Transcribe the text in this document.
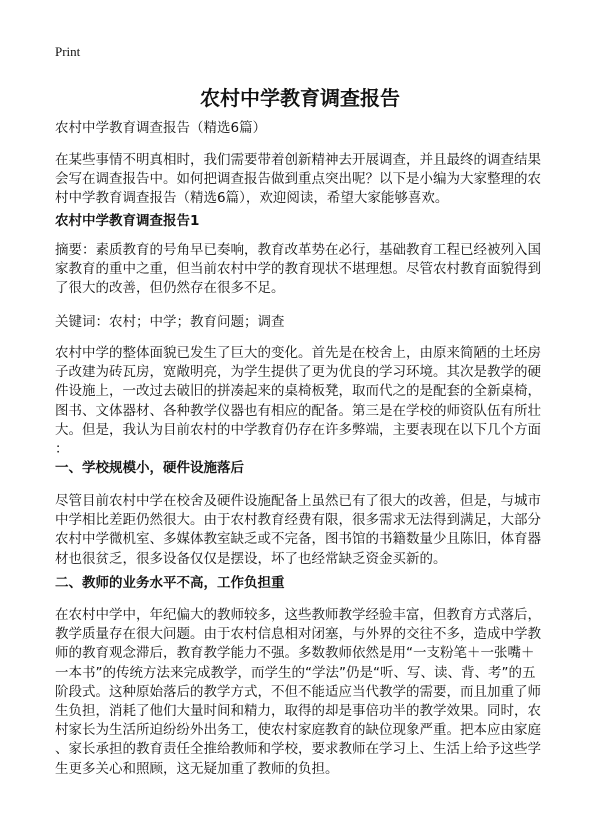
Print
农村中学教育调查报告
农村中学教育调查报告（精选6篇）
在某些事情不明真相时，我们需要带着创新精神去开展调查，并且最终的调查结果
会写在调查报告中。如何把调查报告做到重点突出呢？以下是小编为大家整理的农
村中学教育调查报告（精选6篇），欢迎阅读，希望大家能够喜欢。
农村中学教育调查报告1
摘要：素质教育的号角早已奏响，教育改革势在必行，基础教育工程已经被列入国
家教育的重中之重，但当前农村中学的教育现状不堪理想。尽管农村教育面貌得到
了很大的改善，但仍然存在很多不足。
关键词：农村；中学；教育问题；调查
农村中学的整体面貌已发生了巨大的变化。首先是在校舍上，由原来简陋的土坯房
子改建为砖瓦房，宽敞明亮，为学生提供了更为优良的学习环境。其次是教学的硬
件设施上，一改过去破旧的拼凑起来的桌椅板凳，取而代之的是配套的全新桌椅，
图书、文体器材、各种教学仪器也有相应的配备。第三是在学校的师资队伍有所壮
大。但是，我认为目前农村的中学教育仍存在许多弊端，主要表现在以下几个方面
：
一、学校规模小，硬件设施落后
尽管目前农村中学在校舍及硬件设施配备上虽然已有了很大的改善，但是，与城市
中学相比差距仍然很大。由于农村教育经费有限，很多需求无法得到满足，大部分
农村中学微机室、多媒体教室缺乏或不完备，图书馆的书籍数量少且陈旧，体育器
材也很贫乏，很多设备仅仅是摆设，坏了也经常缺乏资金买新的。
二、教师的业务水平不高，工作负担重
在农村中学中，年纪偏大的教师较多，这些教师教学经验丰富，但教育方式落后，
教学质量存在很大问题。由于农村信息相对闭塞，与外界的交往不多，造成中学教
师的教育观念滞后，教育教学能力不强。多数教师依然是用“一支粉笔＋一张嘴＋
一本书”的传统方法来完成教学，而学生的“学法”仍是“听、写、读、背、考”的五
阶段式。这种原始落后的教学方式，不但不能适应当代教学的需要，而且加重了师
生负担，消耗了他们大量时间和精力，取得的却是事倍功半的教学效果。同时，农
村家长为生活所迫纷纷外出务工，使农村家庭教育的缺位现象严重。把本应由家庭
、家长承担的教育责任全推给教师和学校，要求教师在学习上、生活上给予这些学
生更多关心和照顾，这无疑加重了教师的负担。
